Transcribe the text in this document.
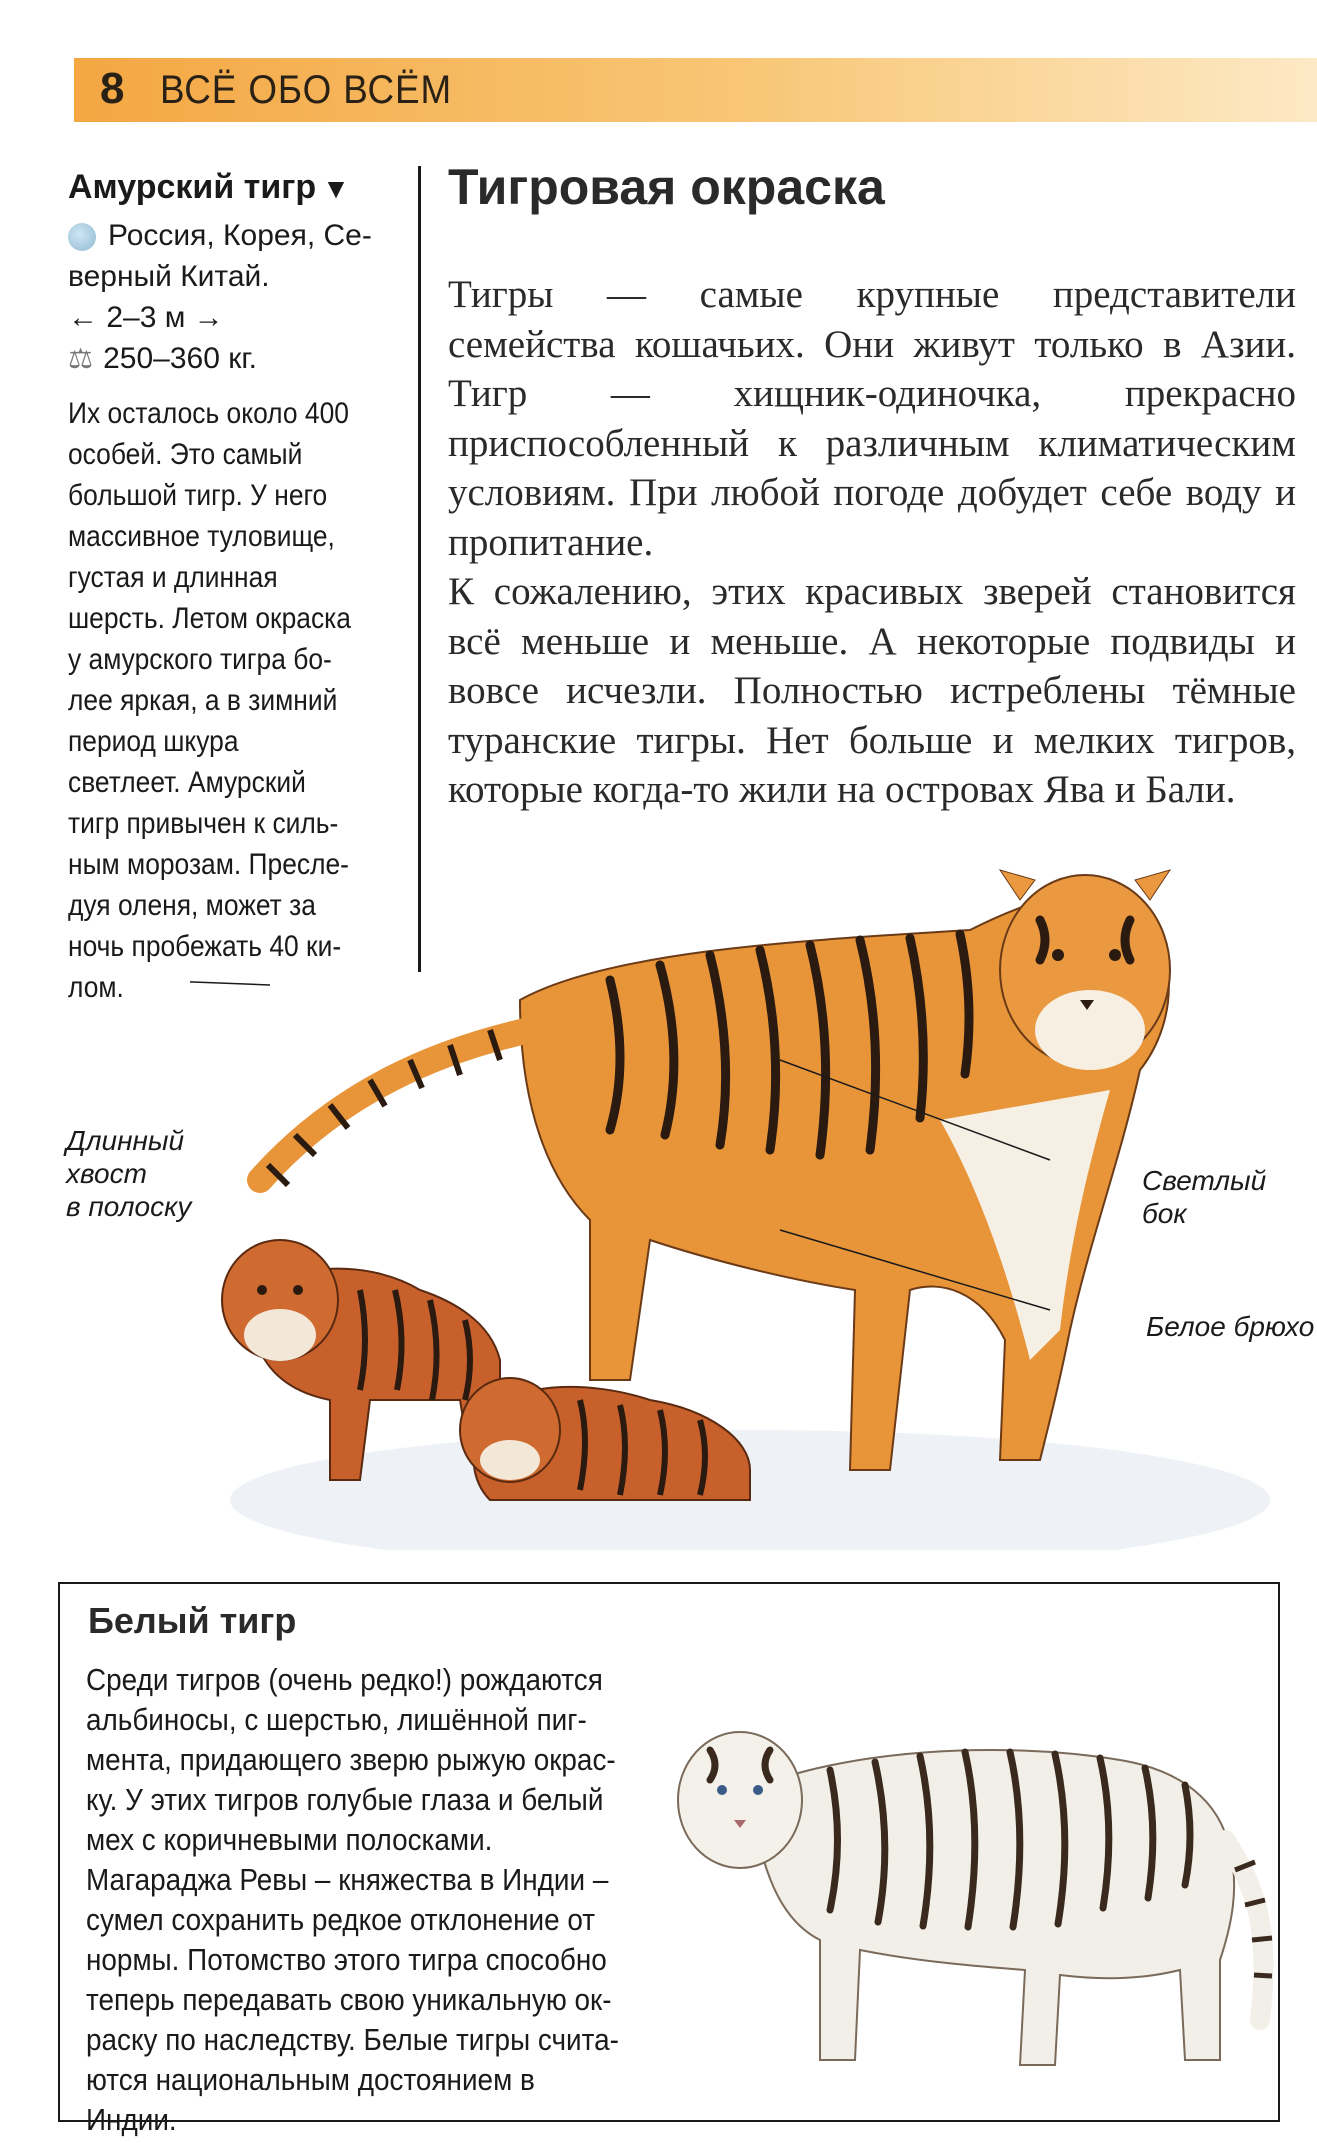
8 ВСЁ ОБО ВСЁМ
Амурский тигр ▼
Россия, Корея, Се-
верный Китай.
← 2–3 м →
⚖ 250–360 кг.
Их осталось около 400
особей. Это самый
большой тигр. У него
массивное туловище,
густая и длинная
шерсть. Летом окраска
у амурского тигра бо-
лее яркая, а в зимний
период шкура
светлеет. Амурский
тигр привычен к силь-
ным морозам. Пресле-
дуя оленя, может за
ночь пробежать 40 ки-
лом.
Тигровая окраска

Тигры — самые крупные представители семейства кошачьих. Они живут только в Азии. Тигр — хищник-одиночка, прекрасно приспособленный к различным климатическим условиям. При любой погоде добудет себе воду и пропитание.

К сожалению, этих красивых зверей становится всё меньше и меньше. А некоторые подвиды и вовсе исчезли. Полностью истреблены тёмные туранские тигры. Нет больше и мелких тигров, которые когда-то жили на островах Ява и Бали.

Длинный
хвост
в полоску
Светлый бок
Белое брюхо
Белый тигр
Среди тигров (очень редко!) рождаются
альбиносы, с шерстью, лишённой пиг-
мента, придающего зверю рыжую окрас-
ку. У этих тигров голубые глаза и белый
мех с коричневыми полосками.
Магараджа Ревы – княжества в Индии –
сумел сохранить редкое отклонение от
нормы. Потомство этого тигра способно
теперь передавать свою уникальную ок-
раску по наследству. Белые тигры счита-
ются национальным достоянием в Индии.
